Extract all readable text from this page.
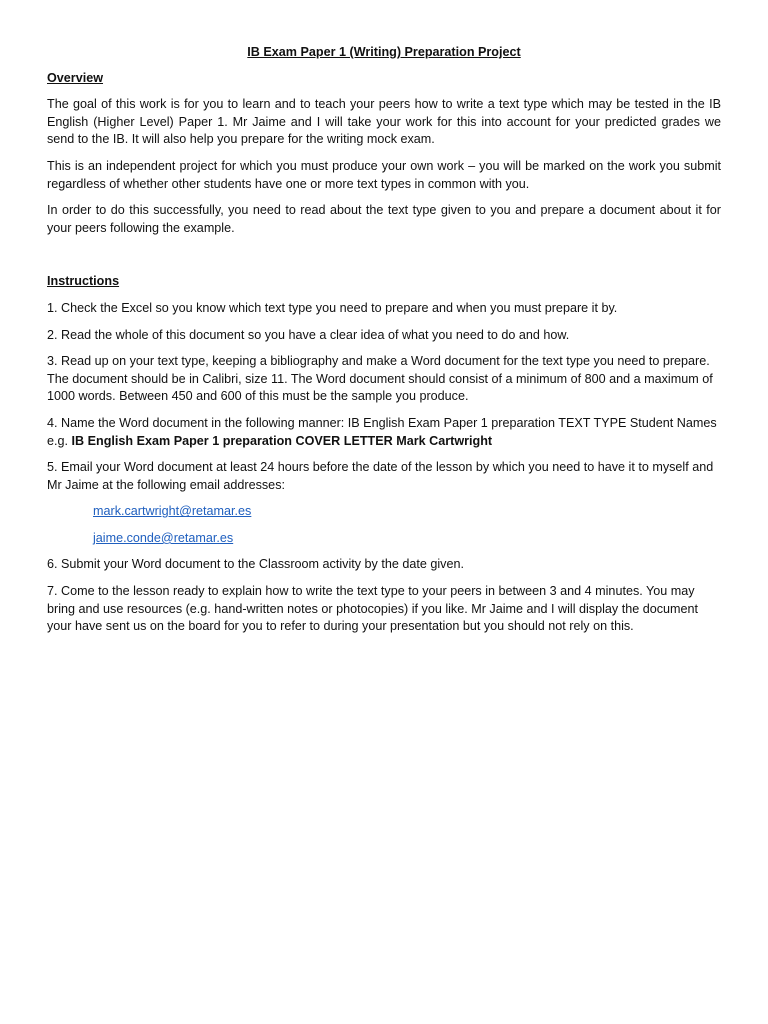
IB Exam Paper 1 (Writing) Preparation Project
Overview

The goal of this work is for you to learn and to teach your peers how to write a text type which may be tested in the IB English (Higher Level) Paper 1. Mr Jaime and I will take your work for this into account for your predicted grades we send to the IB. It will also help you prepare for the writing mock exam.

This is an independent project for which you must produce your own work – you will be marked on the work you submit regardless of whether other students have one or more text types in common with you.

In order to do this successfully, you need to read about the text type given to you and prepare a document about it for your peers following the example.

Instructions

1. Check the Excel so you know which text type you need to prepare and when you must prepare it by.

2. Read the whole of this document so you have a clear idea of what you need to do and how.

3. Read up on your text type, keeping a bibliography and make a Word document for the text type you need to prepare. The document should be in Calibri, size 11. The Word document should consist of a minimum of 800 and a maximum of 1000 words. Between 450 and 600 of this must be the sample you produce.

4. Name the Word document in the following manner: IB English Exam Paper 1 preparation TEXT TYPE Student Names e.g. IB English Exam Paper 1 preparation COVER LETTER Mark Cartwright

5. Email your Word document at least 24 hours before the date of the lesson by which you need to have it to myself and Mr Jaime at the following email addresses:

mark.cartwright@retamar.es
jaime.conde@retamar.es

6. Submit your Word document to the Classroom activity by the date given.

7. Come to the lesson ready to explain how to write the text type to your peers in between 3 and 4 minutes. You may bring and use resources (e.g. hand-written notes or photocopies) if you like. Mr Jaime and I will display the document your have sent us on the board for you to refer to during your presentation but you should not rely on this.
